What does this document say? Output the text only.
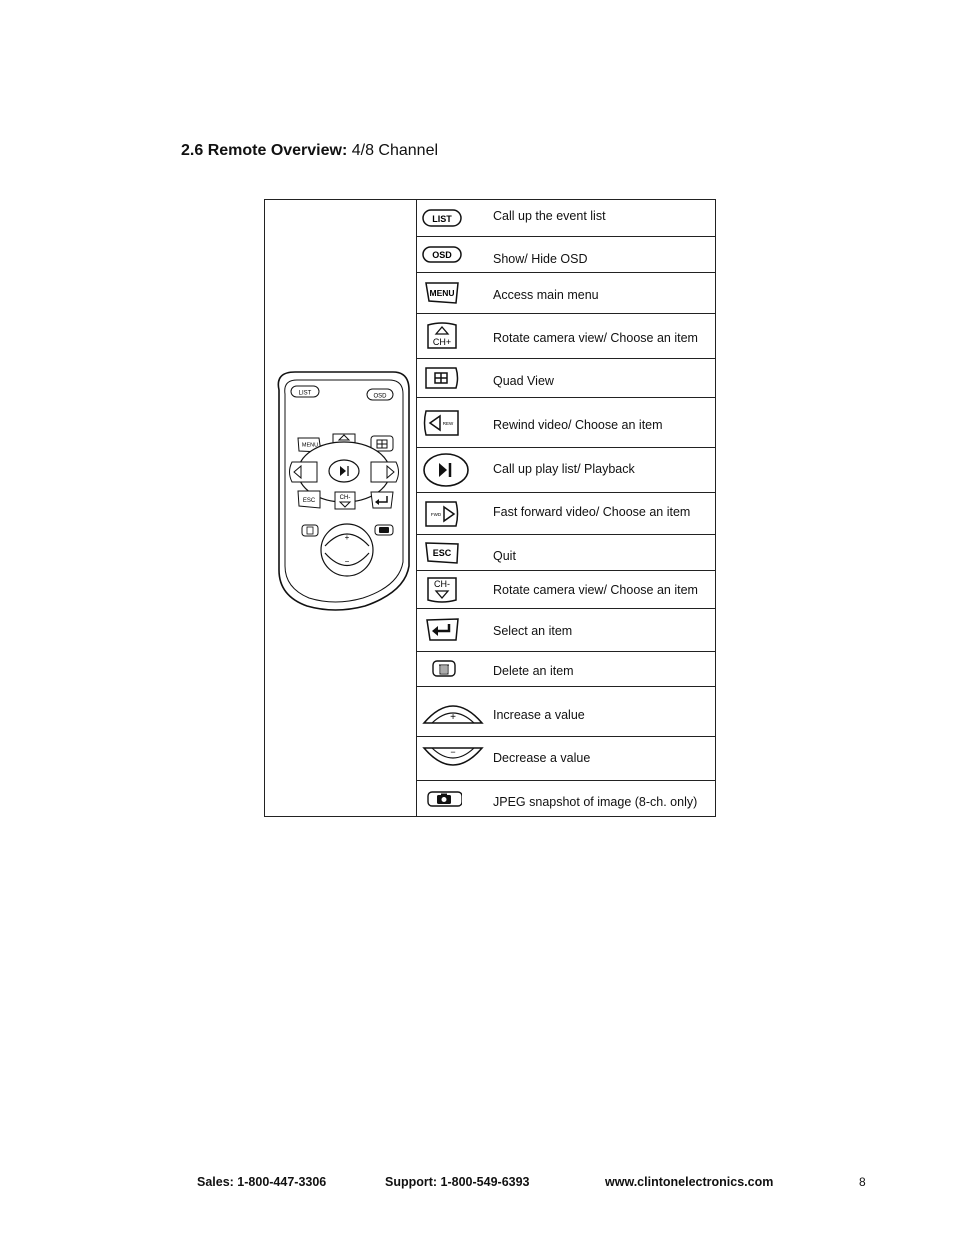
2.6 Remote Overview: 4/8 Channel
LIST	OSD
MENU
ESC	CH-
+
−
LIST	Call up the event list
OSD	Show/ Hide OSD
MENU	Access main menu
CH+	Rotate camera view/ Choose an item
Quad View
REW	Rewind video/ Choose an item
Call up play list/ Playback
FWD	Fast forward video/ Choose an item
ESC	Quit
CH-	Rotate camera view/ Choose an item
Select an item
Delete an item
+	Increase a value
−	Decrease a value
JPEG snapshot of image (8-ch. only)
Sales: 1-800-447-3306	Support: 1-800-549-6393	www.clintonelectronics.com	8
